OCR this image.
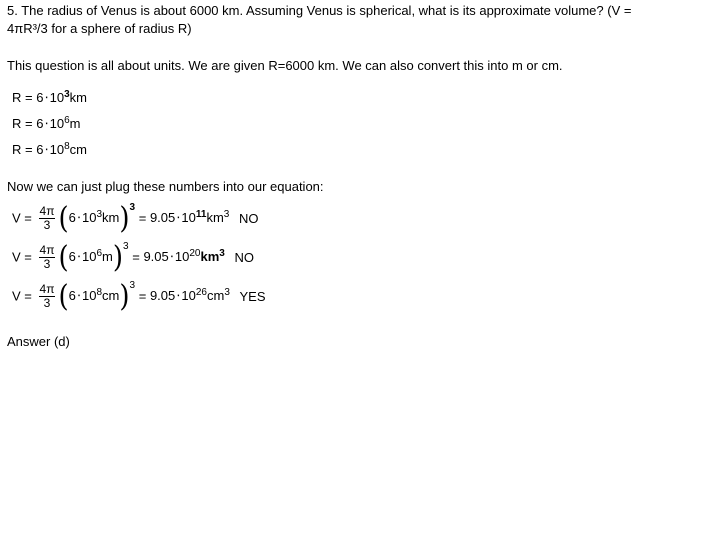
5. The radius of Venus is about 6000 km. Assuming Venus is spherical, what is its approximate volume? (V =
4πR³/3 for a sphere of radius R)
This question is all about units. We are given R=6000 km. We can also convert this into m or cm.
$R = 6\cdot 10^3km$
$R = 6\cdot 10^6m$
$R = 6\cdot 10^8cm$
Now we can just plug these numbers into our equation:
$V = \frac{4\pi}{3} (6\cdot 10^3km)^3 = 9.05\cdot 10^{11}km^3$ NO
$V = \frac{4\pi}{3} (6\cdot 10^6m)^3 = 9.05\cdot 10^{20}km^3$ NO
$V = \frac{4\pi}{3} (6\cdot 10^8cm)^3 = 9.05\cdot 10^{26}cm^3$ YES
Answer (d)
